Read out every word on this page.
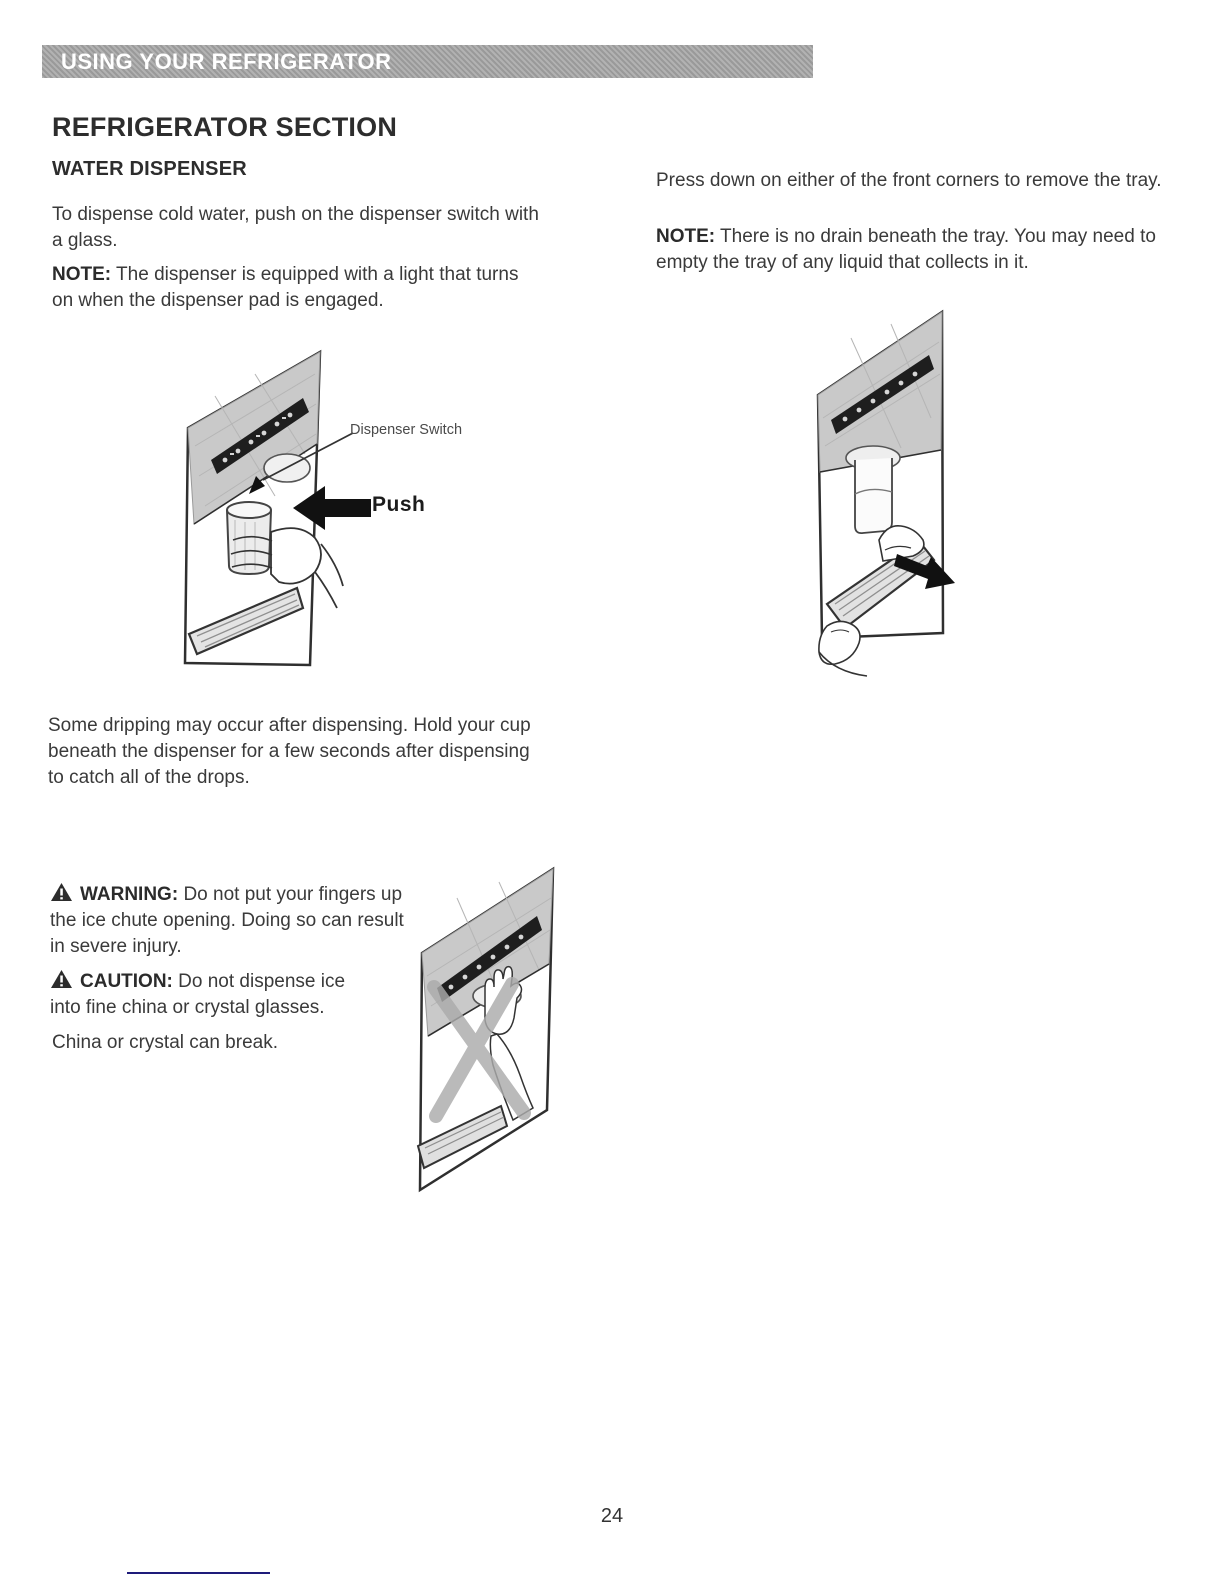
USING YOUR REFRIGERATOR
REFRIGERATOR SECTION
WATER DISPENSER

To dispense cold water, push on the dispenser switch with a glass.

NOTE: The dispenser is equipped with a light that turns on when the dispenser pad is engaged.

Press down on either of the front corners to remove the tray.

NOTE: There is no drain beneath the tray. You may need to empty the tray of any liquid that collects in it.

Dispenser Switch
Push

Some dripping may occur after dispensing. Hold your cup beneath the dispenser for a few seconds after dispensing to catch all of the drops.

WARNING: Do not put your fingers up the ice chute opening. Doing so can result in severe injury.

CAUTION: Do not dispense ice into fine china or crystal glasses.

China or crystal can break.

24
